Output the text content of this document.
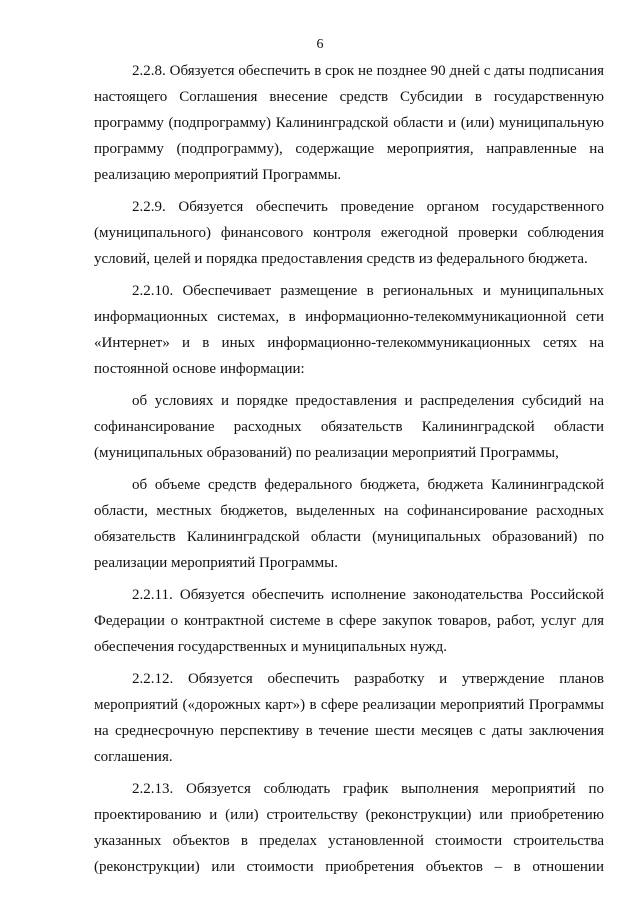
6

2.2.8. Обязуется обеспечить в срок не позднее 90 дней с даты подписания настоящего Соглашения внесение средств Субсидии в государственную программу (подпрограмму) Калининградской области и (или) муниципальную программу (подпрограмму), содержащие мероприятия, направленные на реализацию мероприятий Программы.

2.2.9. Обязуется обеспечить проведение органом государственного (муниципального) финансового контроля ежегодной проверки соблюдения условий, целей и порядка предоставления средств из федерального бюджета.

2.2.10. Обеспечивает размещение в региональных и муниципальных информационных системах, в информационно-телекоммуникационной сети «Интернет» и в иных информационно-телекоммуникационных сетях на постоянной основе информации:

об условиях и порядке предоставления и распределения субсидий на софинансирование расходных обязательств Калининградской области (муниципальных образований) по реализации мероприятий Программы,

об объеме средств федерального бюджета, бюджета Калининградской области, местных бюджетов, выделенных на софинансирование расходных обязательств Калининградской области (муниципальных образований) по реализации мероприятий Программы.

2.2.11. Обязуется обеспечить исполнение законодательства Российской Федерации о контрактной системе в сфере закупок товаров, работ, услуг для обеспечения государственных и муниципальных нужд.

2.2.12. Обязуется обеспечить разработку и утверждение планов мероприятий («дорожных карт») в сфере реализации мероприятий Программы на среднесрочную перспективу в течение шести месяцев с даты заключения соглашения.

2.2.13. Обязуется соблюдать график выполнения мероприятий по проектированию и (или) строительству (реконструкции) или приобретению указанных объектов в пределах установленной стоимости строительства (реконструкции) или стоимости приобретения объектов – в отношении
